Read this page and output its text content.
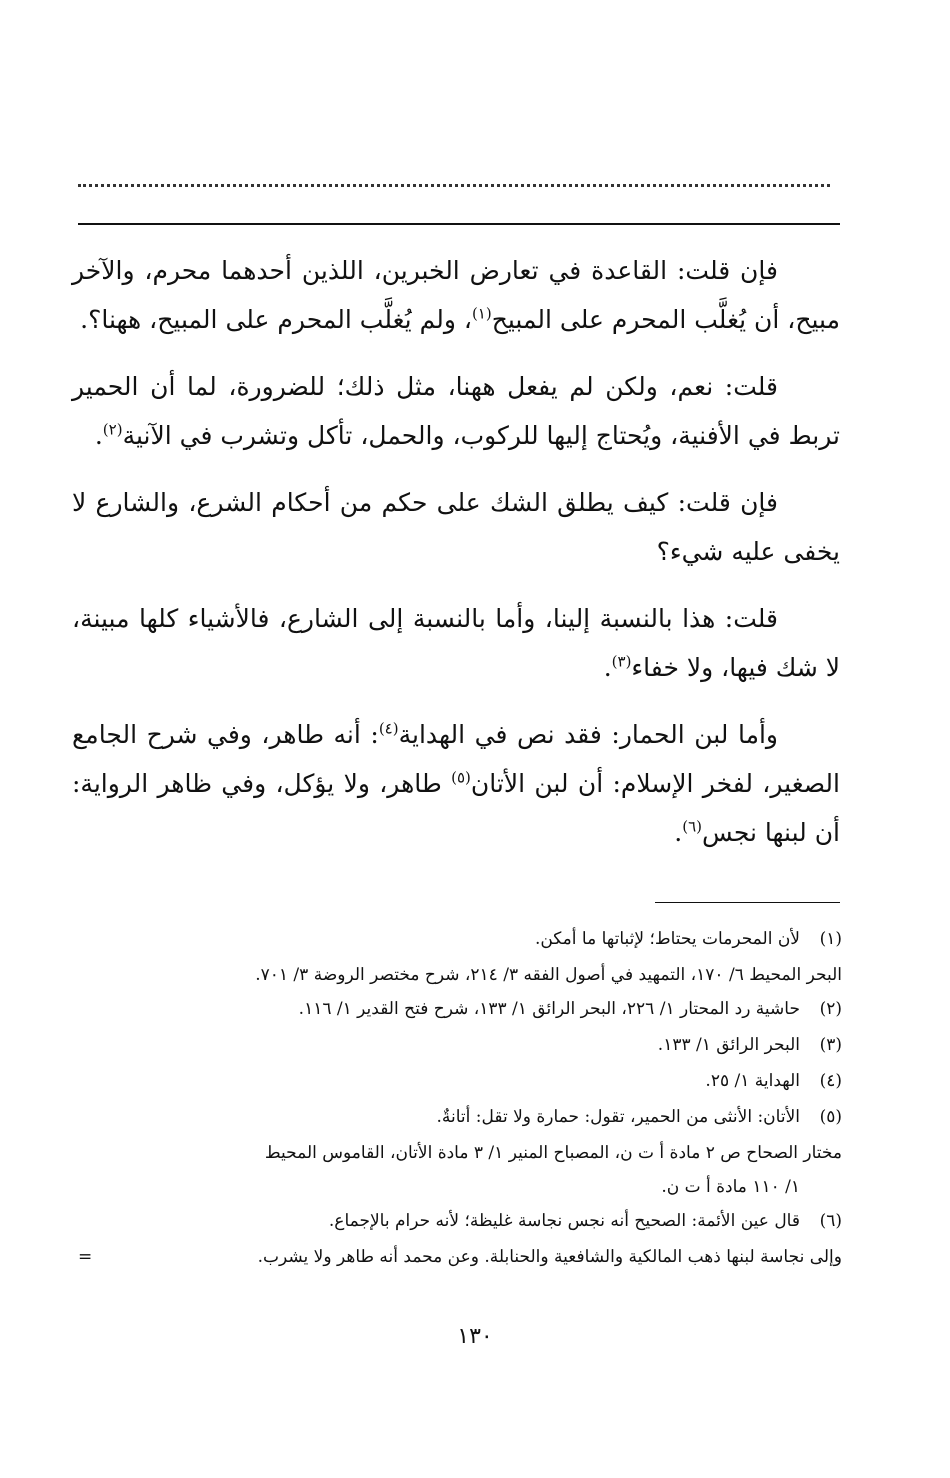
فإن قلت: القاعدة في تعارض الخبرين، اللذين أحدهما محرم، والآخر مبيح، أن يُغلَّب المحرم على المبيح$^{(١)}$، ولم يُغلَّب المحرم على المبيح، ههنا؟.

قلت: نعم، ولكن لم يفعل ههنا، مثل ذلك؛ للضرورة، لما أن الحمير تربط في الأفنية، ويُحتاج إليها للركوب، والحمل، تأكل وتشرب في الآنية$^{(٢)}$.

فإن قلت: كيف يطلق الشك على حكم من أحكام الشرع، والشارع لا يخفى عليه شيء؟

قلت: هذا بالنسبة إلينا، وأما بالنسبة إلى الشارع، فالأشياء كلها مبينة، لا شك فيها، ولا خفاء$^{(٣)}$.

وأما لبن الحمار: فقد نص في الهداية$^{(٤)}$: أنه طاهر، وفي شرح الجامع الصغير، لفخر الإسلام: أن لبن الأتان$^{(٥)}$ طاهر، ولا يؤكل، وفي ظاهر الرواية: أن لبنها نجس$^{(٦)}$.

(١)
لأن المحرمات يحتاط؛ لإثباتها ما أمكن.
البحر المحيط ٦/ ١٧٠، التمهيد في أصول الفقه ٣/ ٢١٤، شرح مختصر الروضة ٣/ ٧٠١.
(٢)
حاشية رد المحتار ١/ ٢٢٦، البحر الرائق ١/ ١٣٣، شرح فتح القدير ١/ ١١٦.
(٣)
البحر الرائق ١/ ١٣٣.
(٤)
الهداية ١/ ٢٥.
(٥)
الأتان: الأنثى من الحمير، تقول: حمارة ولا تقل: أتانةٌ.
مختار الصحاح ص ٢ مادة أ ت ن، المصباح المنير ١/ ٣ مادة الأتان، القاموس المحيط
١/ ١١٠ مادة أ ت ن.
(٦)
قال عين الأئمة: الصحيح أنه نجس نجاسة غليظة؛ لأنه حرام بالإجماع.
وإلى نجاسة لبنها ذهب المالكية والشافعية والحنابلة. وعن محمد أنه طاهر ولا يشرب.
=
١٣٠
